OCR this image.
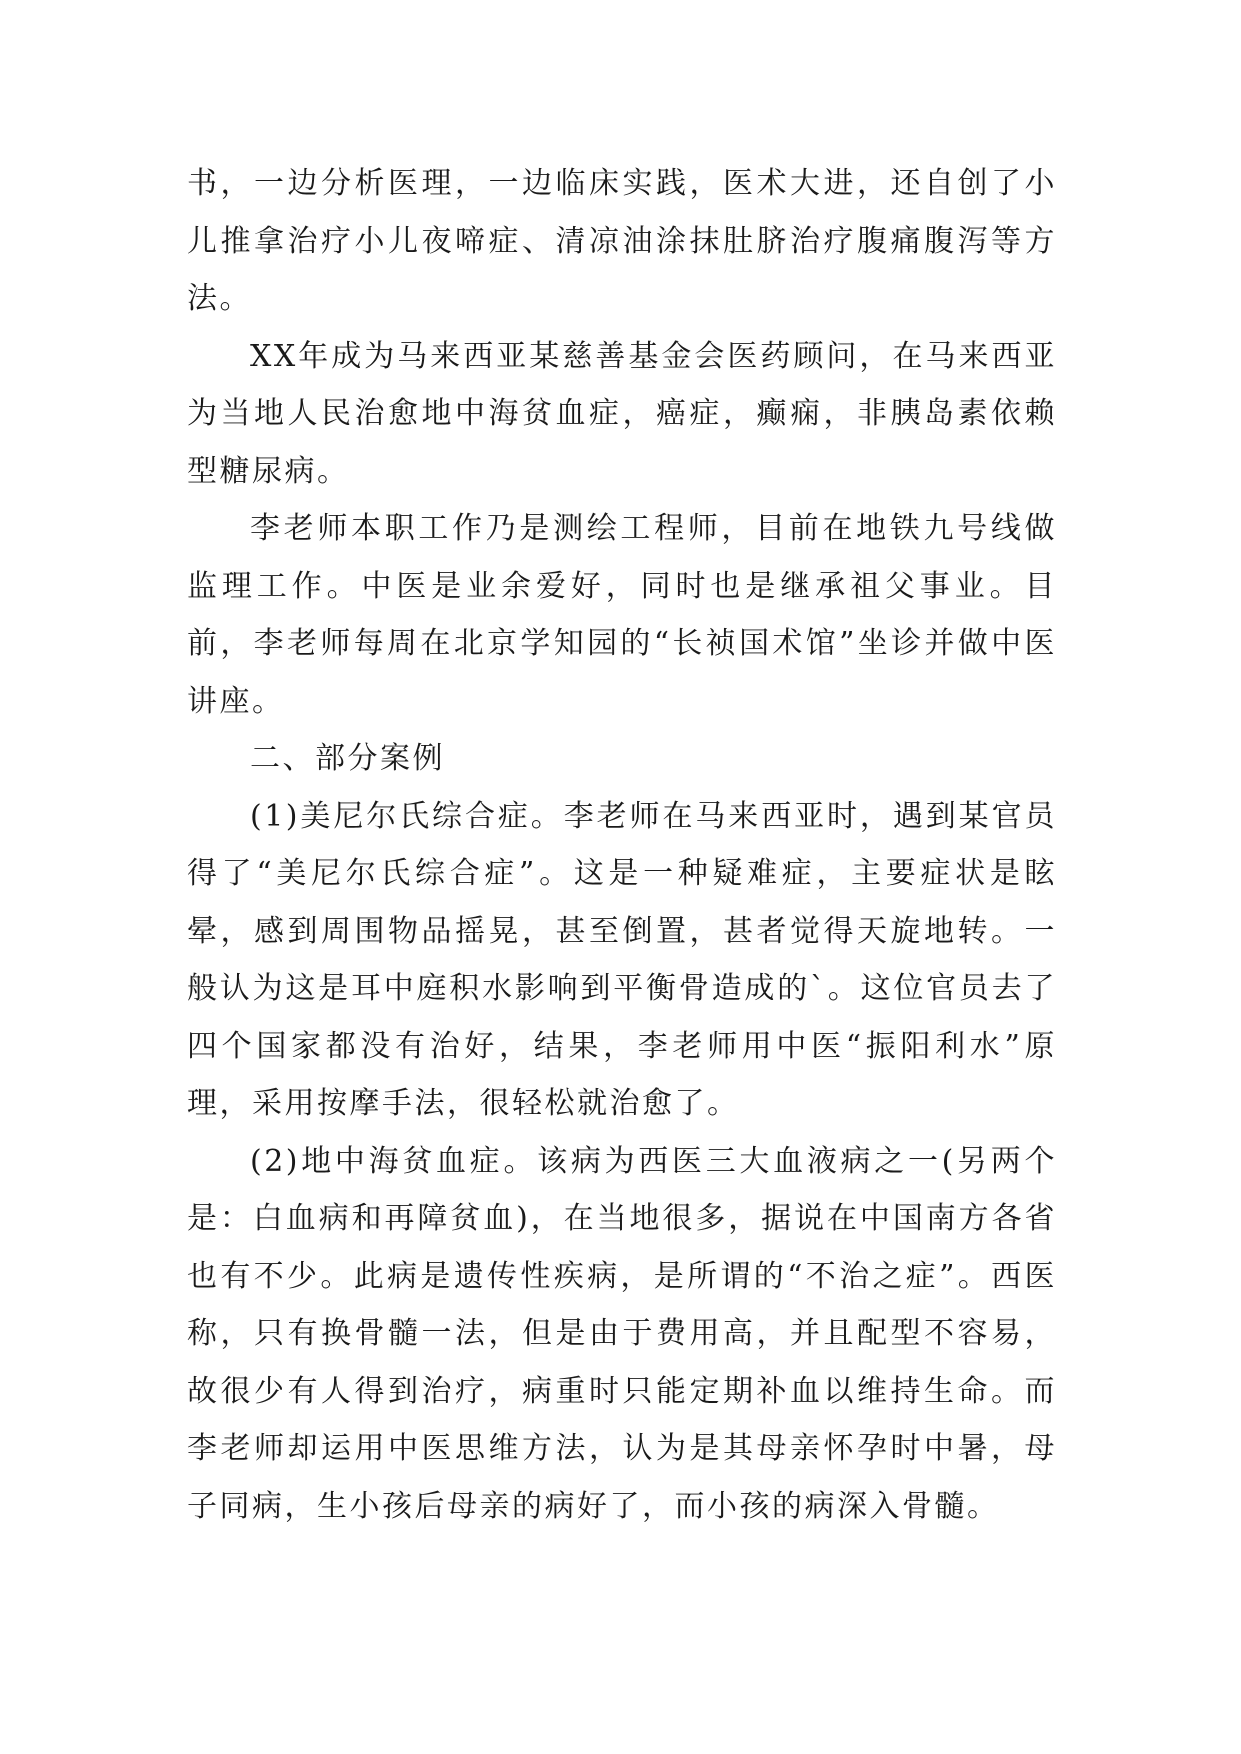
书，一边分析医理，一边临床实践，医术大进，还自创了小儿推拿治疗小儿夜啼症、清凉油涂抹肚脐治疗腹痛腹泻等方法。

XX年成为马来西亚某慈善基金会医药顾问，在马来西亚为当地人民治愈地中海贫血症，癌症，癫痫，非胰岛素依赖型糖尿病。

李老师本职工作乃是测绘工程师，目前在地铁九号线做监理工作。中医是业余爱好，同时也是继承祖父事业。目前，李老师每周在北京学知园的“长祯国术馆”坐诊并做中医讲座。

二、部分案例

(1)美尼尔氏综合症。李老师在马来西亚时，遇到某官员得了“美尼尔氏综合症”。这是一种疑难症，主要症状是眩晕，感到周围物品摇晃，甚至倒置，甚者觉得天旋地转。一般认为这是耳中庭积水影响到平衡骨造成的`。这位官员去了四个国家都没有治好，结果，李老师用中医“振阳利水”原理，采用按摩手法，很轻松就治愈了。

(2)地中海贫血症。该病为西医三大血液病之一(另两个是：白血病和再障贫血)，在当地很多，据说在中国南方各省也有不少。此病是遗传性疾病，是所谓的“不治之症”。西医称，只有换骨髓一法，但是由于费用高，并且配型不容易，故很少有人得到治疗，病重时只能定期补血以维持生命。而李老师却运用中医思维方法，认为是其母亲怀孕时中暑，母子同病，生小孩后母亲的病好了，而小孩的病深入骨髓。
